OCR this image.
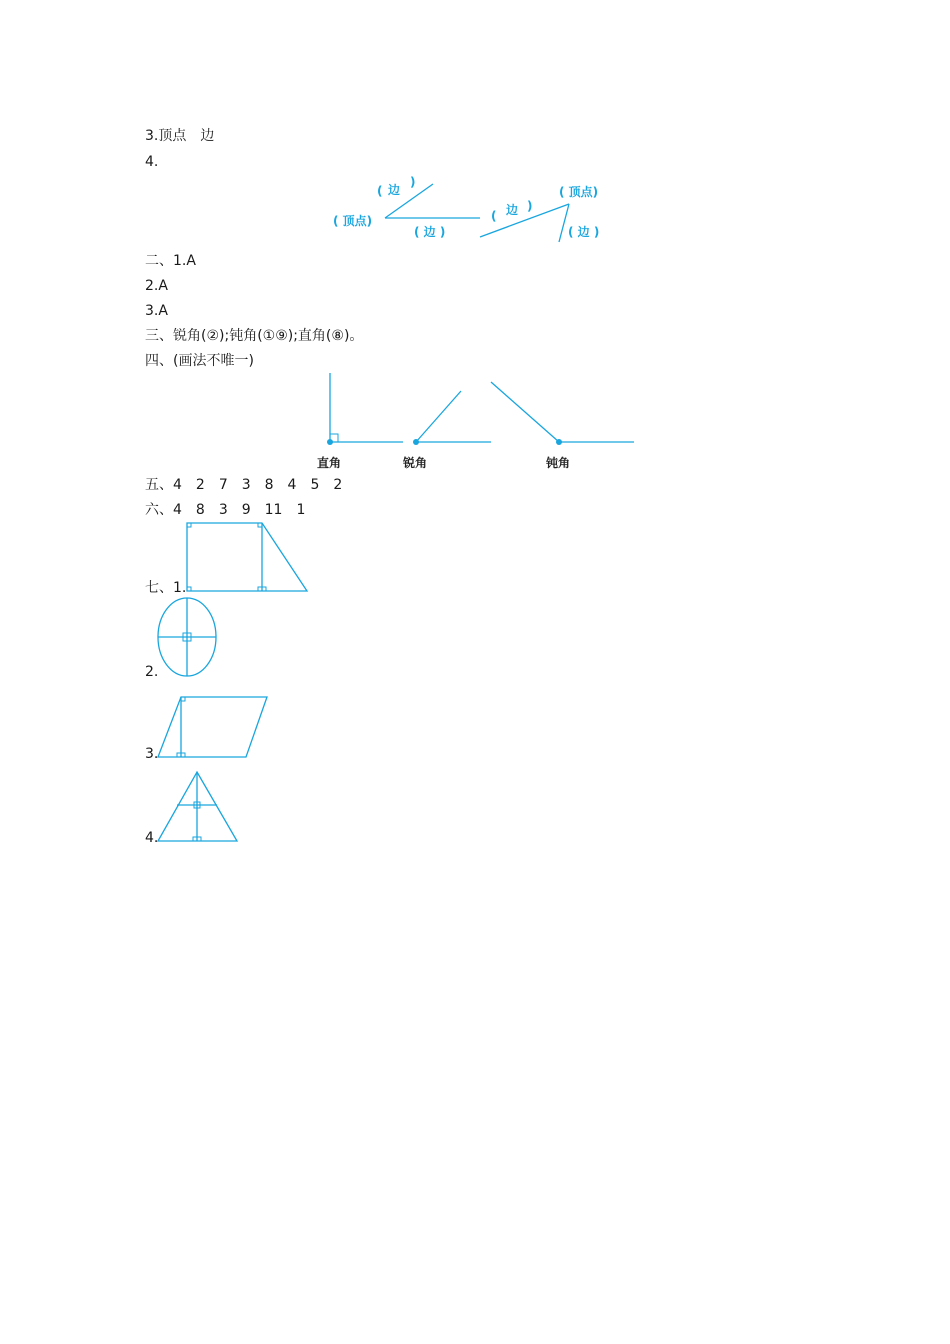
3.顶点　边
4.
( 边
)
( 顶点)
( 边 )
( 边 )
( 顶点)
( 边 )
二、1.A
2.A
3.A
三、锐角(②);钝角(①⑨);直角(⑧)。
四、(画法不唯一)
直角	锐角	钝角
五、4　2　7　3　8　4　5　2
六、4　8　3　9　11　1
七、1.
2.
3.
4.
